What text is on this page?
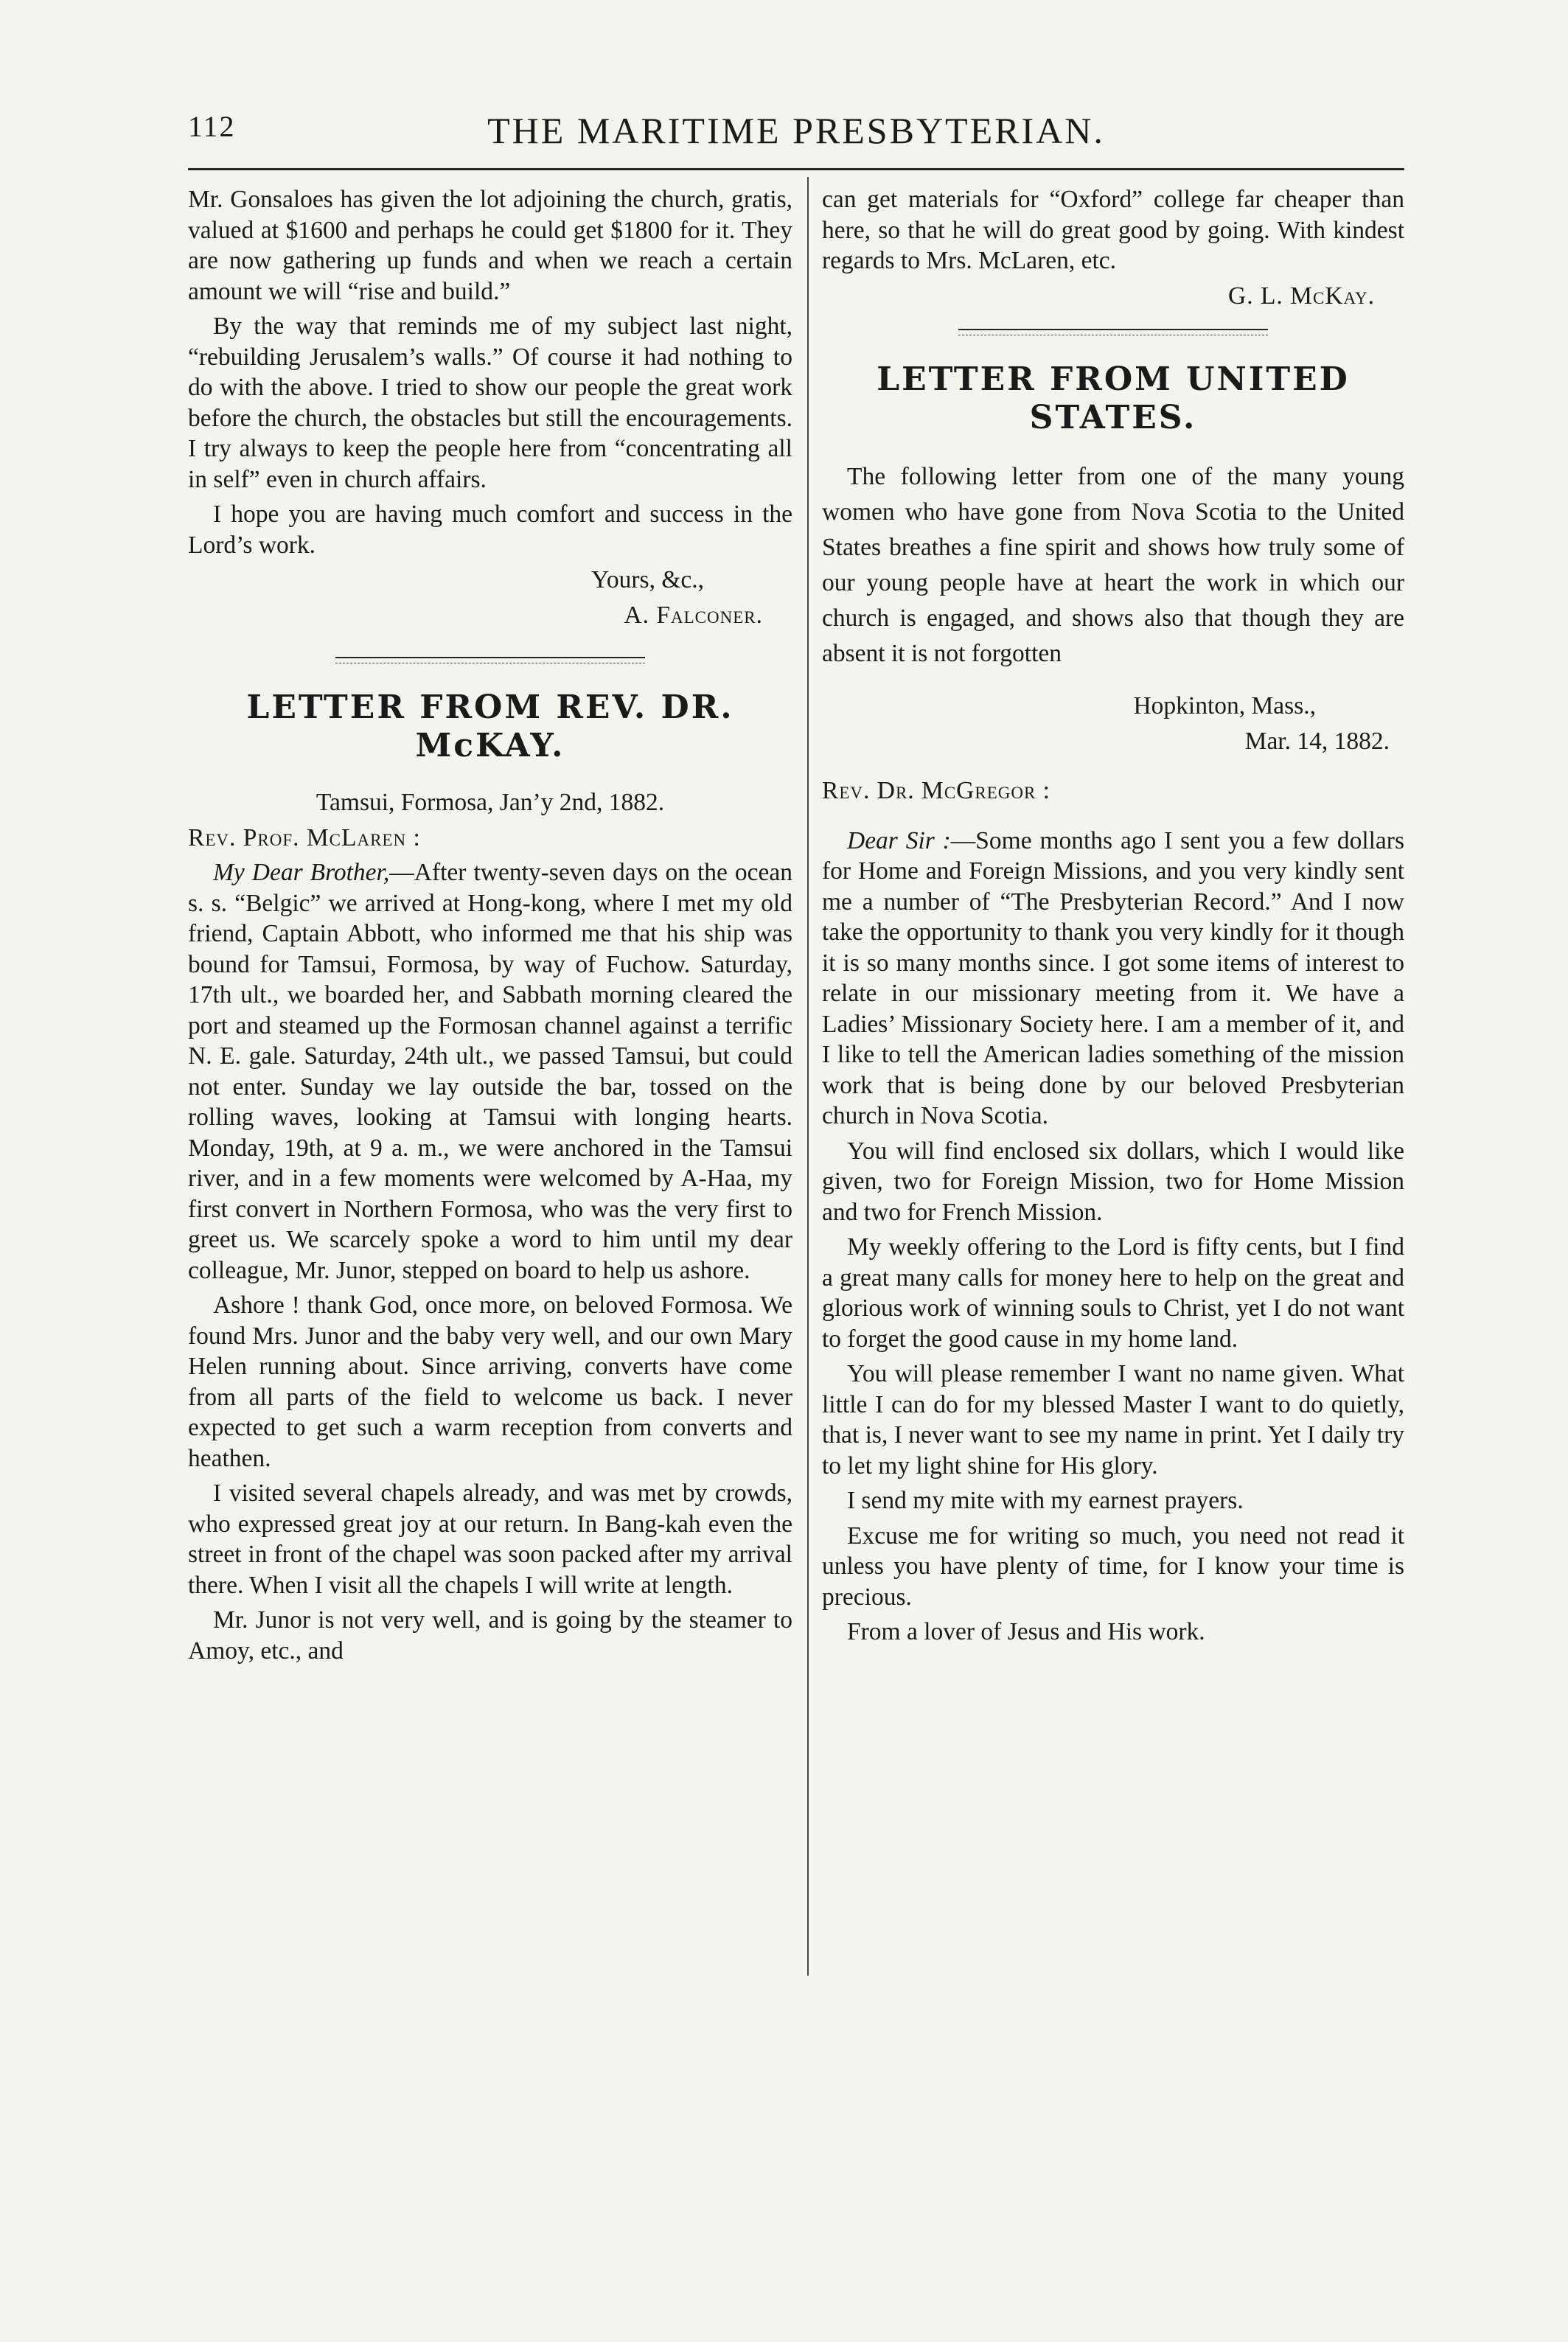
112	THE MARITIME PRESBYTERIAN.

Mr. Gonsaloes has given the lot adjoining the church, gratis, valued at $1600 and perhaps he could get $1800 for it. They are now gathering up funds and when we reach a certain amount we will “rise and build.”

By the way that reminds me of my subject last night, “rebuilding Jerusalem’s walls.” Of course it had nothing to do with the above. I tried to show our people the great work before the church, the obstacles but still the encouragements. I try always to keep the people here from “concentrating all in self” even in church affairs.

I hope you are having much comfort and success in the Lord’s work.

Yours, &c.,

A. Falconer.

LETTER FROM REV. DR. McKAY.

Tamsui, Formosa, Jan’y 2nd, 1882.

Rev. Prof. McLaren :

My Dear Brother,—After twenty-seven days on the ocean s. s. “Belgic” we arrived at Hong-kong, where I met my old friend, Captain Abbott, who informed me that his ship was bound for Tamsui, Formosa, by way of Fuchow. Saturday, 17th ult., we boarded her, and Sabbath morning cleared the port and steamed up the Formosan channel against a terrific N. E. gale. Saturday, 24th ult., we passed Tamsui, but could not enter. Sunday we lay outside the bar, tossed on the rolling waves, looking at Tamsui with longing hearts. Monday, 19th, at 9 a. m., we were anchored in the Tamsui river, and in a few moments were welcomed by A-Haa, my first convert in Northern Formosa, who was the very first to greet us. We scarcely spoke a word to him until my dear colleague, Mr. Junor, stepped on board to help us ashore.

Ashore ! thank God, once more, on beloved Formosa. We found Mrs. Junor and the baby very well, and our own Mary Helen running about. Since arriving, converts have come from all parts of the field to welcome us back. I never expected to get such a warm reception from converts and heathen.

I visited several chapels already, and was met by crowds, who expressed great joy at our return. In Bang-kah even the street in front of the chapel was soon packed after my arrival there. When I visit all the chapels I will write at length.

Mr. Junor is not very well, and is going by the steamer to Amoy, etc., and

can get materials for “Oxford” college far cheaper than here, so that he will do great good by going. With kindest regards to Mrs. McLaren, etc.

G. L. McKay.

LETTER FROM UNITED STATES.

The following letter from one of the many young women who have gone from Nova Scotia to the United States breathes a fine spirit and shows how truly some of our young people have at heart the work in which our church is engaged, and shows also that though they are absent it is not forgotten

Hopkinton, Mass.,

Mar. 14, 1882.

Rev. Dr. McGregor :

Dear Sir :—Some months ago I sent you a few dollars for Home and Foreign Missions, and you very kindly sent me a number of “The Presbyterian Record.” And I now take the opportunity to thank you very kindly for it though it is so many months since. I got some items of interest to relate in our missionary meeting from it. We have a Ladies’ Missionary Society here. I am a member of it, and I like to tell the American ladies something of the mission work that is being done by our beloved Presbyterian church in Nova Scotia.

You will find enclosed six dollars, which I would like given, two for Foreign Mission, two for Home Mission and two for French Mission.

My weekly offering to the Lord is fifty cents, but I find a great many calls for money here to help on the great and glorious work of winning souls to Christ, yet I do not want to forget the good cause in my home land.

You will please remember I want no name given. What little I can do for my blessed Master I want to do quietly, that is, I never want to see my name in print. Yet I daily try to let my light shine for His glory.

I send my mite with my earnest prayers.

Excuse me for writing so much, you need not read it unless you have plenty of time, for I know your time is precious.

From a lover of Jesus and His work.
